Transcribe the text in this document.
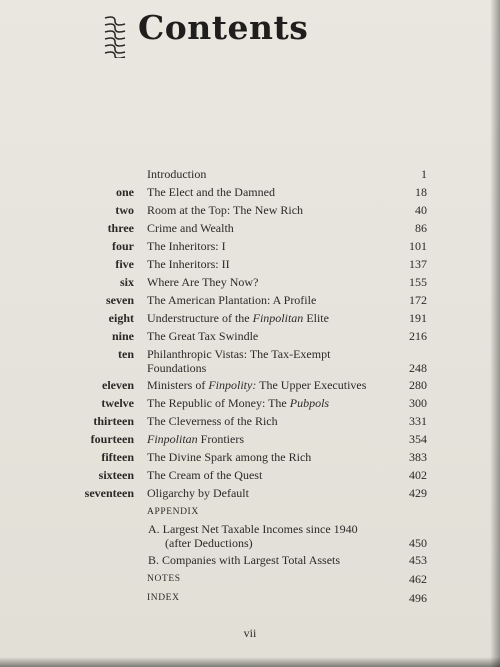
Contents
Introduction	1
one The Elect and the Damned	18
two Room at the Top: The New Rich	40
three Crime and Wealth	86
four The Inheritors: I	101
five The Inheritors: II	137
six Where Are They Now?	155
seven The American Plantation: A Profile	172
eight Understructure of the Finpolitan Elite	191
nine The Great Tax Swindle	216
ten Philanthropic Vistas: The Tax-Exempt
Foundations	248
eleven Ministers of Finpolity: The Upper Executives	280
twelve The Republic of Money: The Pubpols	300
thirteen The Cleverness of the Rich	331
fourteen Finpolitan Frontiers	354
fifteen The Divine Spark among the Rich	383
sixteen The Cream of the Quest	402
seventeen Oligarchy by Default	429
APPENDIX
A. Largest Net Taxable Incomes since 1940
(after Deductions)	450
B. Companies with Largest Total Assets	453
NOTES	462
INDEX	496
vii
